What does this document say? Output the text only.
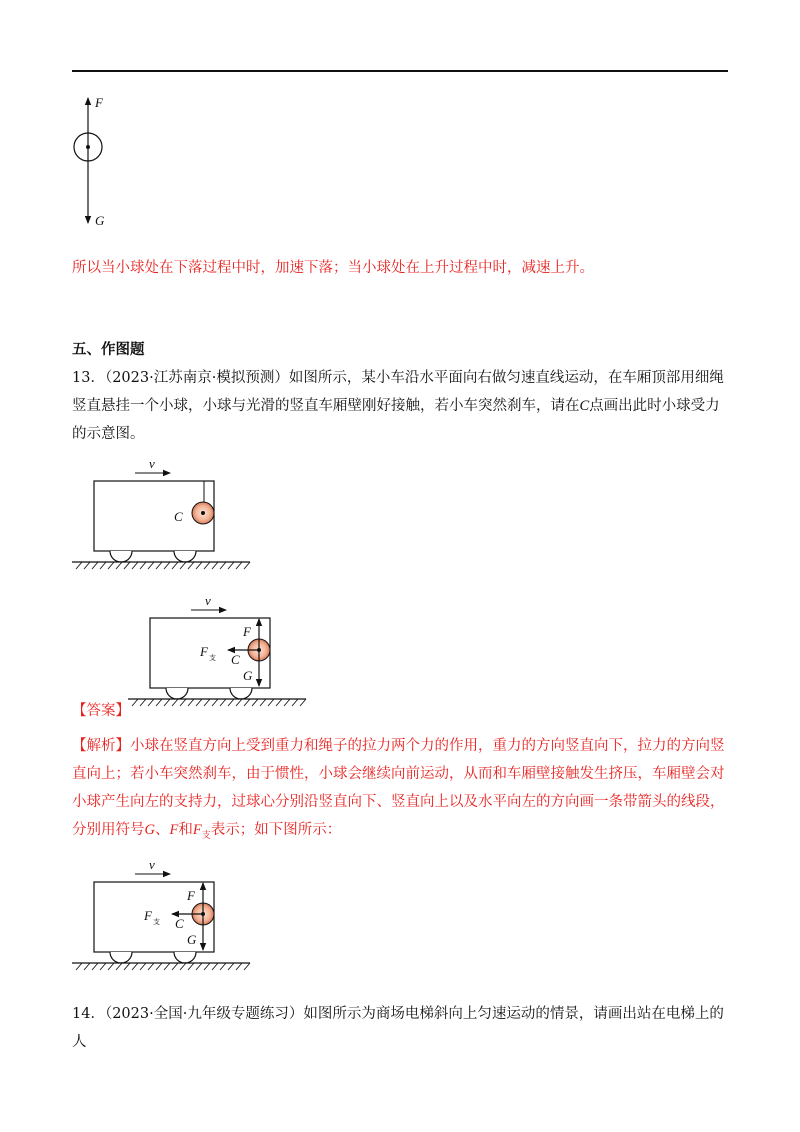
F
G
所以当小球处在下落过程中时，加速下落；当小球处在上升过程中时，减速上升。
五、作图题
13．（2023·江苏南京·模拟预测）如图所示，某小车沿水平面向右做匀速直线运动，在车厢顶部用细绳竖直悬挂一个小球，小球与光滑的竖直车厢壁刚好接触，若小车突然刹车，请在C点画出此时小球受力的示意图。
v
C
v
F
C
G
F 支
【答案】
【解析】小球在竖直方向上受到重力和绳子的拉力两个力的作用，重力的方向竖直向下，拉力的方向竖直向上；若小车突然刹车，由于惯性，小球会继续向前运动，从而和车厢壁接触发生挤压，车厢壁会对小球产生向左的支持力，过球心分别沿竖直向下、竖直向上以及水平向左的方向画一条带箭头的线段，分别用符号G、F和$F_支$表示；如下图所示：
v
F
C
G
F 支
14．（2023·全国·九年级专题练习）如图所示为商场电梯斜向上匀速运动的情景，请画出站在电梯上的人
